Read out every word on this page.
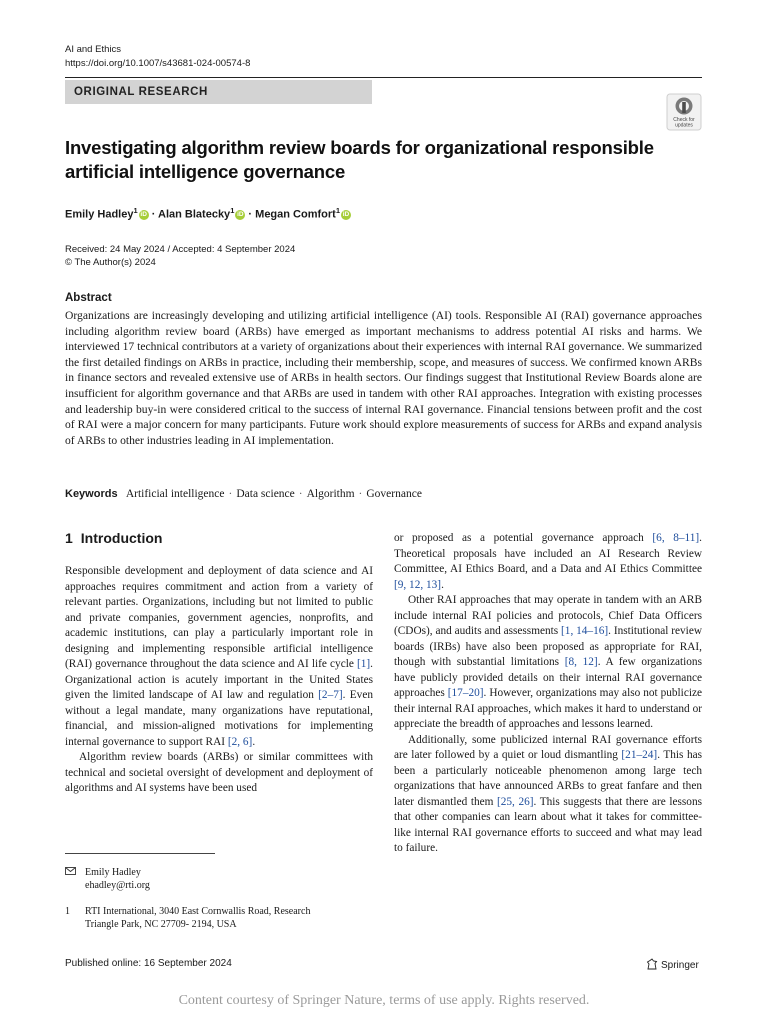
AI and Ethics
https://doi.org/10.1007/s43681-024-00574-8
ORIGINAL RESEARCH
Check for
updates
Investigating algorithm review boards for organizational responsible artificial intelligence governance
Emily Hadley$^1$ iD · Alan Blatecky$^1$ iD · Megan Comfort$^1$ iD
Received: 24 May 2024 / Accepted: 4 September 2024
© The Author(s) 2024
Abstract
Organizations are increasingly developing and utilizing artificial intelligence (AI) tools. Responsible AI (RAI) governance approaches including algorithm review board (ARBs) have emerged as important mechanisms to address potential AI risks and harms. We interviewed 17 technical contributors at a variety of organizations about their experiences with internal RAI governance. We summarized the first detailed findings on ARBs in practice, including their membership, scope, and measures of success. We confirmed known ARBs in finance sectors and revealed extensive use of ARBs in health sectors. Our findings suggest that Institutional Review Boards alone are insufficient for algorithm governance and that ARBs are used in tandem with other RAI approaches. Integration with existing processes and leadership buy-in were considered critical to the success of internal RAI governance. Financial tensions between profit and the cost of RAI were a major concern for many participants. Future work should explore measurements of success for ARBs and expand analysis of ARBs to other industries leading in AI implementation.
Keywords Artificial intelligence · Data science · Algorithm · Governance
1 Introduction

Responsible development and deployment of data science and AI approaches requires commitment and action from a variety of relevant parties. Organizations, including but not limited to public and private companies, government agencies, nonprofits, and academic institutions, can play a particularly important role in designing and implementing responsible artificial intelligence (RAI) governance throughout the data science and AI life cycle [1]. Organizational action is acutely important in the United States given the limited landscape of AI law and regulation [2–7]. Even without a legal mandate, many organizations have reputational, financial, and mission-aligned motivations for implementing internal governance to support RAI [2, 6].

Algorithm review boards (ARBs) or similar committees with technical and societal oversight of development and deployment of algorithms and AI systems have been used

or proposed as a potential governance approach [6, 8–11]. Theoretical proposals have included an AI Research Review Committee, AI Ethics Board, and a Data and AI Ethics Committee [9, 12, 13].

Other RAI approaches that may operate in tandem with an ARB include internal RAI policies and protocols, Chief Data Officers (CDOs), and audits and assessments [1, 14–16]. Institutional review boards (IRBs) have also been proposed as appropriate for RAI, though with substantial limitations [8, 12]. A few organizations have publicly provided details on their internal RAI governance approaches [17–20]. However, organizations may also not publicize their internal RAI approaches, which makes it hard to understand or appreciate the breadth of approaches and lessons learned.

Additionally, some publicized internal RAI governance efforts are later followed by a quiet or loud dismantling [21–24]. This has been a particularly noticeable phenomenon among large tech organizations that have announced ARBs to great fanfare and then later dismantled them [25, 26]. This suggests that there are lessons that other companies can learn about what it takes for committee-like internal RAI governance efforts to succeed and what may lead to failure.

Emily Hadley
ehadley@rti.org
1 RTI International, 3040 East Cornwallis Road, Research
Triangle Park, NC 27709- 2194, USA
Published online: 16 September 2024	Springer
Content courtesy of Springer Nature, terms of use apply. Rights reserved.
